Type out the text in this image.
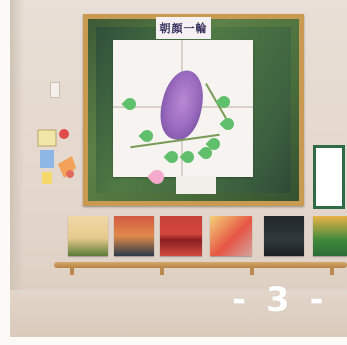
朝顔一輪
- 3 -
